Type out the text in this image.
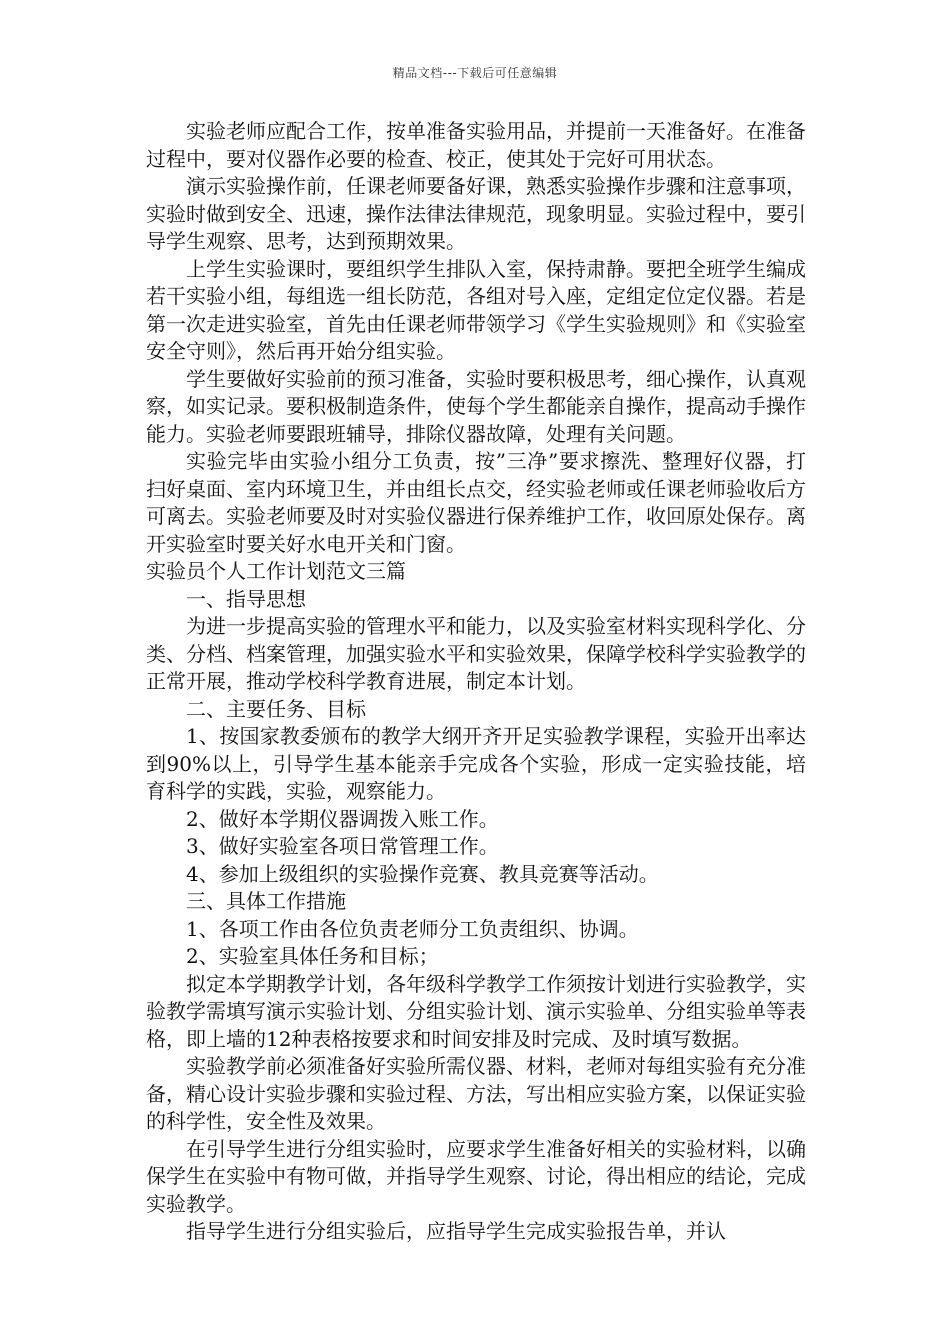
精品文档---下载后可任意编辑

实验老师应配合工作，按单准备实验用品，并提前一天准备好。在准备过程中，要对仪器作必要的检查、校正，使其处于完好可用状态。

演示实验操作前，任课老师要备好课，熟悉实验操作步骤和注意事项，实验时做到安全、迅速，操作法律法律规范，现象明显。实验过程中，要引导学生观察、思考，达到预期效果。

上学生实验课时，要组织学生排队入室，保持肃静。要把全班学生编成若干实验小组，每组选一组长防范，各组对号入座，定组定位定仪器。若是第一次走进实验室，首先由任课老师带领学习《学生实验规则》和《实验室安全守则》，然后再开始分组实验。

学生要做好实验前的预习准备，实验时要积极思考，细心操作，认真观察，如实记录。要积极制造条件，使每个学生都能亲自操作，提高动手操作能力。实验老师要跟班辅导，排除仪器故障，处理有关问题。

实验完毕由实验小组分工负责，按”三净”要求擦洗、整理好仪器，打扫好桌面、室内环境卫生，并由组长点交，经实验老师或任课老师验收后方可离去。实验老师要及时对实验仪器进行保养维护工作，收回原处保存。离开实验室时要关好水电开关和门窗。

实验员个人工作计划范文三篇

一、指导思想

为进一步提高实验的管理水平和能力，以及实验室材料实现科学化、分类、分档、档案管理，加强实验水平和实验效果，保障学校科学实验教学的正常开展，推动学校科学教育进展，制定本计划。

二、主要任务、目标

1、按国家教委颁布的教学大纲开齐开足实验教学课程，实验开出率达到90%以上，引导学生基本能亲手完成各个实验，形成一定实验技能，培育科学的实践，实验，观察能力。

2、做好本学期仪器调拨入账工作。

3、做好实验室各项日常管理工作。

4、参加上级组织的实验操作竞赛、教具竞赛等活动。

三、具体工作措施

1、各项工作由各位负责老师分工负责组织、协调。

2、实验室具体任务和目标；

拟定本学期教学计划，各年级科学教学工作须按计划进行实验教学，实验教学需填写演示实验计划、分组实验计划、演示实验单、分组实验单等表格，即上墙的12种表格按要求和时间安排及时完成、及时填写数据。

实验教学前必须准备好实验所需仪器、材料，老师对每组实验有充分准备，精心设计实验步骤和实验过程、方法，写出相应实验方案，以保证实验的科学性，安全性及效果。

在引导学生进行分组实验时，应要求学生准备好相关的实验材料，以确保学生在实验中有物可做，并指导学生观察、讨论，得出相应的结论，完成实验教学。

指导学生进行分组实验后，应指导学生完成实验报告单，并认
